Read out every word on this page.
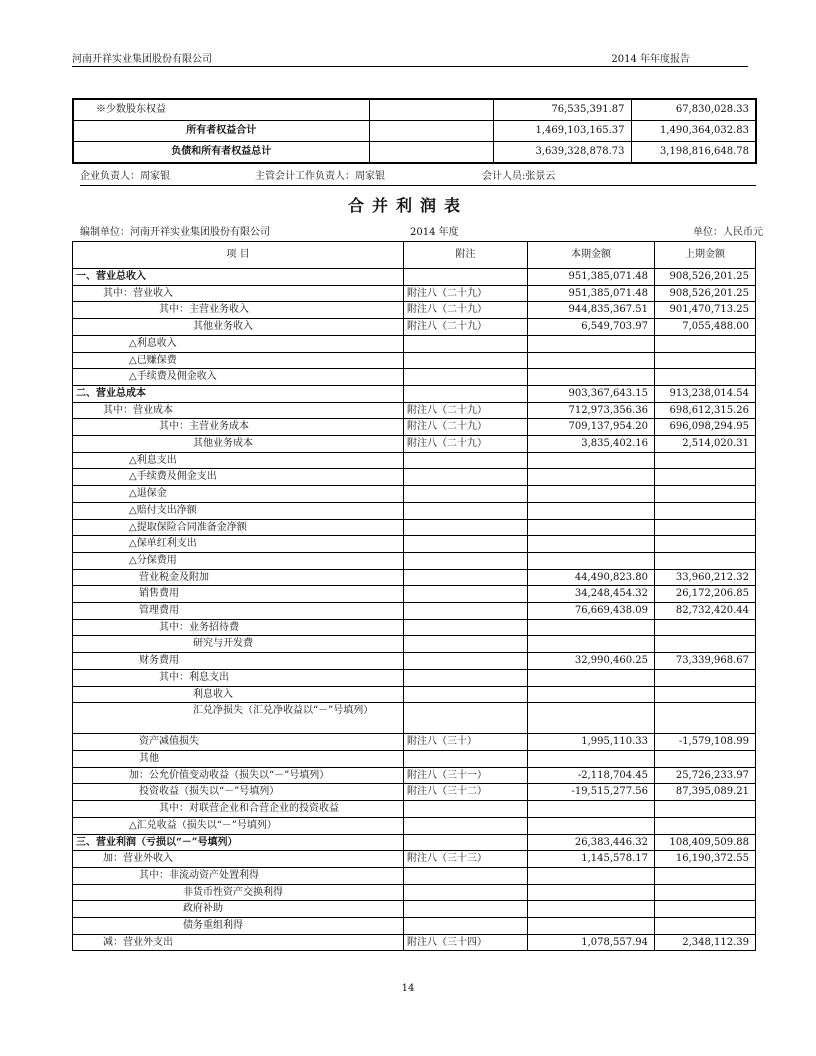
河南开祥实业集团股份有限公司	2014 年年度报告
※少数股东权益		76,535,391.87	67,830,028.33
所有者权益合计		1,469,103,165.37	1,490,364,032.83
负债和所有者权益总计		3,639,328,878.73	3,198,816,648.78
企业负责人：周家银	主管会计工作负责人：周家银	会计人员:张景云
合并利润表
编制单位：河南开祥实业集团股份有限公司	2014 年度	单位：人民币元
项 目	附注	本期金额	上期金额
一、营业总收入		951,385,071.48	908,526,201.25
其中：营业收入	附注八（二十九）	951,385,071.48	908,526,201.25
其中：主营业务收入	附注八（二十九）	944,835,367.51	901,470,713.25
其他业务收入	附注八（二十九）	6,549,703.97	7,055,488.00
△利息收入			
△已赚保费			
△手续费及佣金收入			
二、营业总成本		903,367,643.15	913,238,014.54
其中：营业成本	附注八（二十九）	712,973,356.36	698,612,315.26
其中：主营业务成本	附注八（二十九）	709,137,954.20	696,098,294.95
其他业务成本	附注八（二十九）	3,835,402.16	2,514,020.31
△利息支出			
△手续费及佣金支出			
△退保金			
△赔付支出净额			
△提取保险合同准备金净额			
△保单红利支出			
△分保费用			
营业税金及附加		44,490,823.80	33,960,212.32
销售费用		34,248,454.32	26,172,206.85
管理费用		76,669,438.09	82,732,420.44
其中：业务招待费			
研究与开发费			
财务费用		32,990,460.25	73,339,968.67
其中：利息支出			
利息收入			
汇兑净损失（汇兑净收益以“－”号填列）			
资产减值损失	附注八（三十）	1,995,110.33	-1,579,108.99
其他			
加：公允价值变动收益（损失以“－”号填列）	附注八（三十一）	-2,118,704.45	25,726,233.97
投资收益（损失以“－”号填列）	附注八（三十二）	-19,515,277.56	87,395,089.21
其中：对联营企业和合营企业的投资收益			
△汇兑收益（损失以“－”号填列）			
三、营业利润（亏损以“－”号填列）		26,383,446.32	108,409,509.88
加：营业外收入	附注八（三十三）	1,145,578.17	16,190,372.55
其中：非流动资产处置利得			
非货币性资产交换利得			
政府补助			
债务重组利得			
减：营业外支出	附注八（三十四）	1,078,557.94	2,348,112.39
14
